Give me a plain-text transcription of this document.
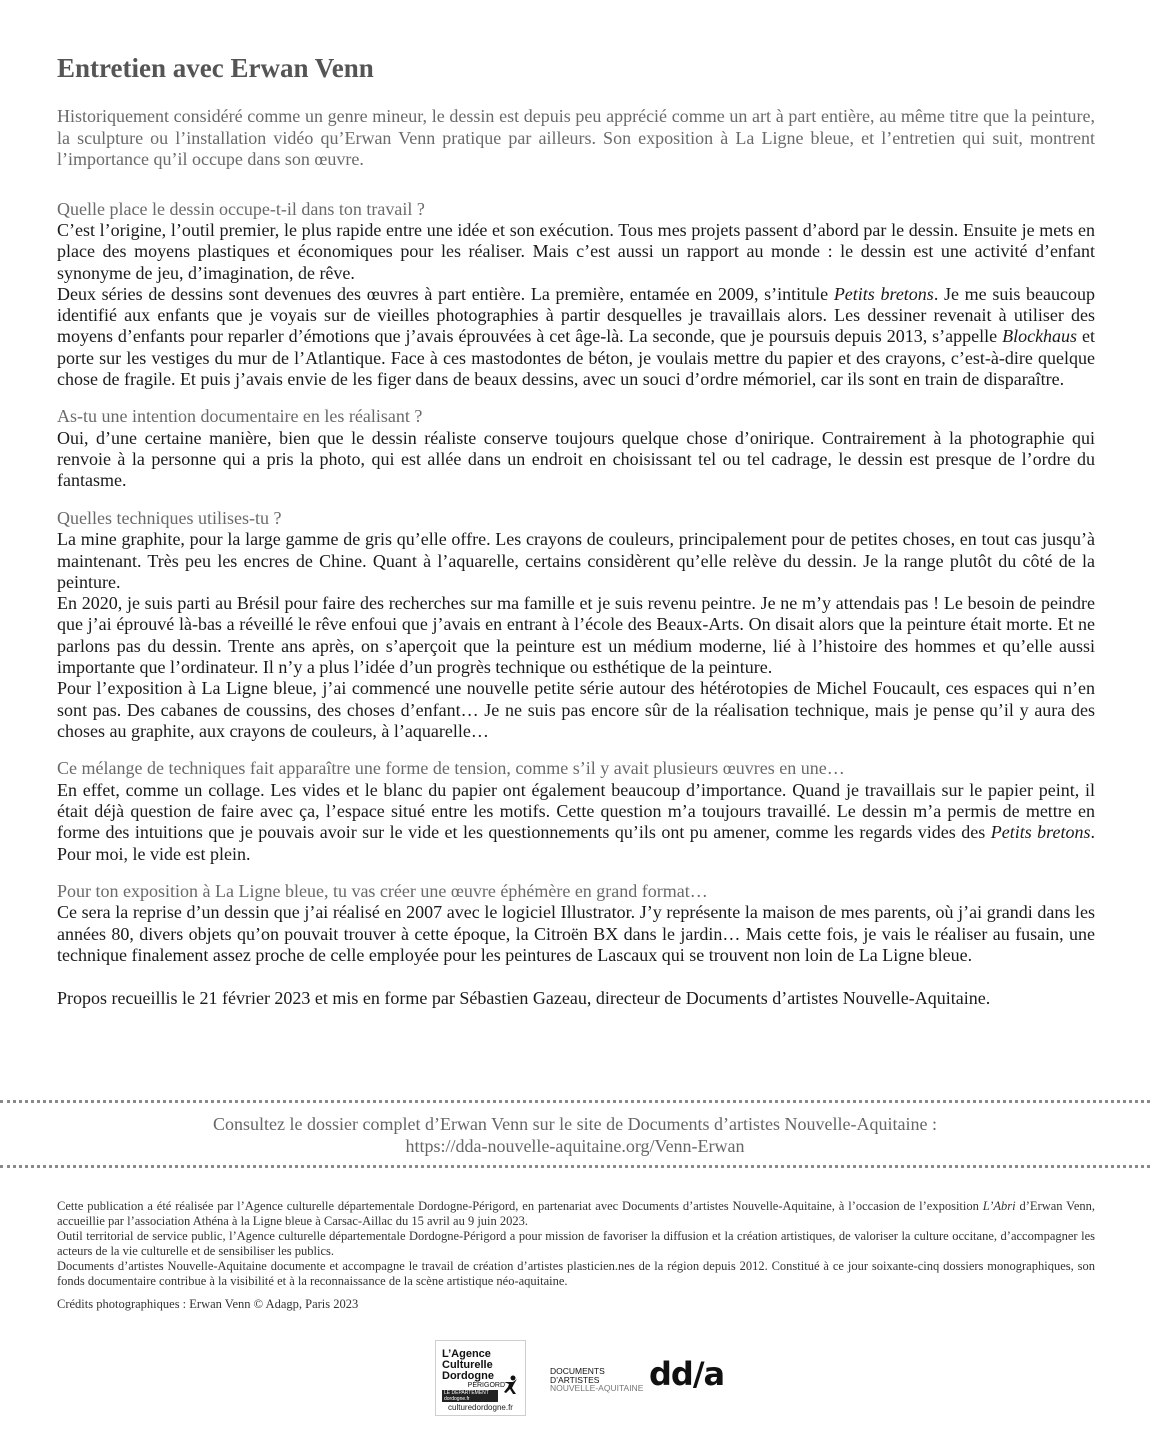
Entretien avec Erwan Venn

Historiquement considéré comme un genre mineur, le dessin est depuis peu apprécié comme un art à part entière, au même titre que la peinture, la sculpture ou l’installation vidéo qu’Erwan Venn pratique par ailleurs. Son exposition à La Ligne bleue, et l’entretien qui suit, montrent l’importance qu’il occupe dans son œuvre.

Quelle place le dessin occupe-t-il dans ton travail ?

C’est l’origine, l’outil premier, le plus rapide entre une idée et son exécution. Tous mes projets passent d’abord par le dessin. Ensuite je mets en place des moyens plastiques et économiques pour les réaliser. Mais c’est aussi un rapport au monde : le dessin est une activité d’enfant synonyme de jeu, d’imagination, de rêve.

Deux séries de dessins sont devenues des œuvres à part entière. La première, entamée en 2009, s’intitule Petits bretons. Je me suis beaucoup identifié aux enfants que je voyais sur de vieilles photographies à partir desquelles je travaillais alors. Les dessiner revenait à utiliser des moyens d’enfants pour reparler d’émotions que j’avais éprouvées à cet âge-là. La seconde, que je poursuis depuis 2013, s’appelle Blockhaus et porte sur les vestiges du mur de l’Atlantique. Face à ces mastodontes de béton, je voulais mettre du papier et des crayons, c’est-à-dire quelque chose de fragile. Et puis j’avais envie de les figer dans de beaux dessins, avec un souci d’ordre mémoriel, car ils sont en train de disparaître.

As-tu une intention documentaire en les réalisant ?

Oui, d’une certaine manière, bien que le dessin réaliste conserve toujours quelque chose d’onirique. Contrairement à la photographie qui renvoie à la personne qui a pris la photo, qui est allée dans un endroit en choisissant tel ou tel cadrage, le dessin est presque de l’ordre du fantasme.

Quelles techniques utilises-tu ?

La mine graphite, pour la large gamme de gris qu’elle offre. Les crayons de couleurs, principalement pour de petites choses, en tout cas jusqu’à maintenant. Très peu les encres de Chine. Quant à l’aquarelle, certains considèrent qu’elle relève du dessin. Je la range plutôt du côté de la peinture.

En 2020, je suis parti au Brésil pour faire des recherches sur ma famille et je suis revenu peintre. Je ne m’y attendais pas ! Le besoin de peindre que j’ai éprouvé là-bas a réveillé le rêve enfoui que j’avais en entrant à l’école des Beaux-Arts. On disait alors que la peinture était morte. Et ne parlons pas du dessin. Trente ans après, on s’aperçoit que la peinture est un médium moderne, lié à l’histoire des hommes et qu’elle aussi importante que l’ordinateur. Il n’y a plus l’idée d’un progrès technique ou esthétique de la peinture.

Pour l’exposition à La Ligne bleue, j’ai commencé une nouvelle petite série autour des hétérotopies de Michel Foucault, ces espaces qui n’en sont pas. Des cabanes de coussins, des choses d’enfant… Je ne suis pas encore sûr de la réalisation technique, mais je pense qu’il y aura des choses au graphite, aux crayons de couleurs, à l’aquarelle…

Ce mélange de techniques fait apparaître une forme de tension, comme s’il y avait plusieurs œuvres en une…

En effet, comme un collage. Les vides et le blanc du papier ont également beaucoup d’importance. Quand je travaillais sur le papier peint, il était déjà question de faire avec ça, l’espace situé entre les motifs. Cette question m’a toujours travaillé. Le dessin m’a permis de mettre en forme des intuitions que je pouvais avoir sur le vide et les questionnements qu’ils ont pu amener, comme les regards vides des Petits bretons. Pour moi, le vide est plein.

Pour ton exposition à La Ligne bleue, tu vas créer une œuvre éphémère en grand format…

Ce sera la reprise d’un dessin que j’ai réalisé en 2007 avec le logiciel Illustrator. J’y représente la maison de mes parents, où j’ai grandi dans les années 80, divers objets qu’on pouvait trouver à cette époque, la Citroën BX dans le jardin… Mais cette fois, je vais le réaliser au fusain, une technique finalement assez proche de celle employée pour les peintures de Lascaux qui se trouvent non loin de La Ligne bleue.

Propos recueillis le 21 février 2023 et mis en forme par Sébastien Gazeau, directeur de Documents d’artistes Nouvelle-Aquitaine.

Consultez le dossier complet d’Erwan Venn sur le site de Documents d’artistes Nouvelle-Aquitaine :
https://dda-nouvelle-aquitaine.org/Venn-Erwan

Cette publication a été réalisée par l’Agence culturelle départementale Dordogne-Périgord, en partenariat avec Documents d’artistes Nouvelle-Aquitaine, à l’occasion de l’exposition L’Abri d’Erwan Venn, accueillie par l’association Athéna à la Ligne bleue à Carsac-Aillac du 15 avril au 9 juin 2023.

Outil territorial de service public, l’Agence culturelle départementale Dordogne-Périgord a pour mission de favoriser la diffusion et la création artistiques, de valoriser la culture occitane, d’accompagner les acteurs de la vie culturelle et de sensibiliser les publics.

Documents d’artistes Nouvelle-Aquitaine documente et accompagne le travail de création d’artistes plasticien.nes de la région depuis 2012. Constitué à ce jour soixante-cinq dossiers monographiques, son fonds documentaire contribue à la visibilité et à la reconnaissance de la scène artistique néo-aquitaine.

Crédits photographiques : Erwan Venn © Adagp, Paris 2023

L’Agence
Culturelle
Dordogne
PÉRIGORD
LE DÉPARTEMENT dordogne.fr
culturedordogne.fr
DOCUMENTS
D’ARTISTES
NOUVELLE-AQUITAINE dd/a
